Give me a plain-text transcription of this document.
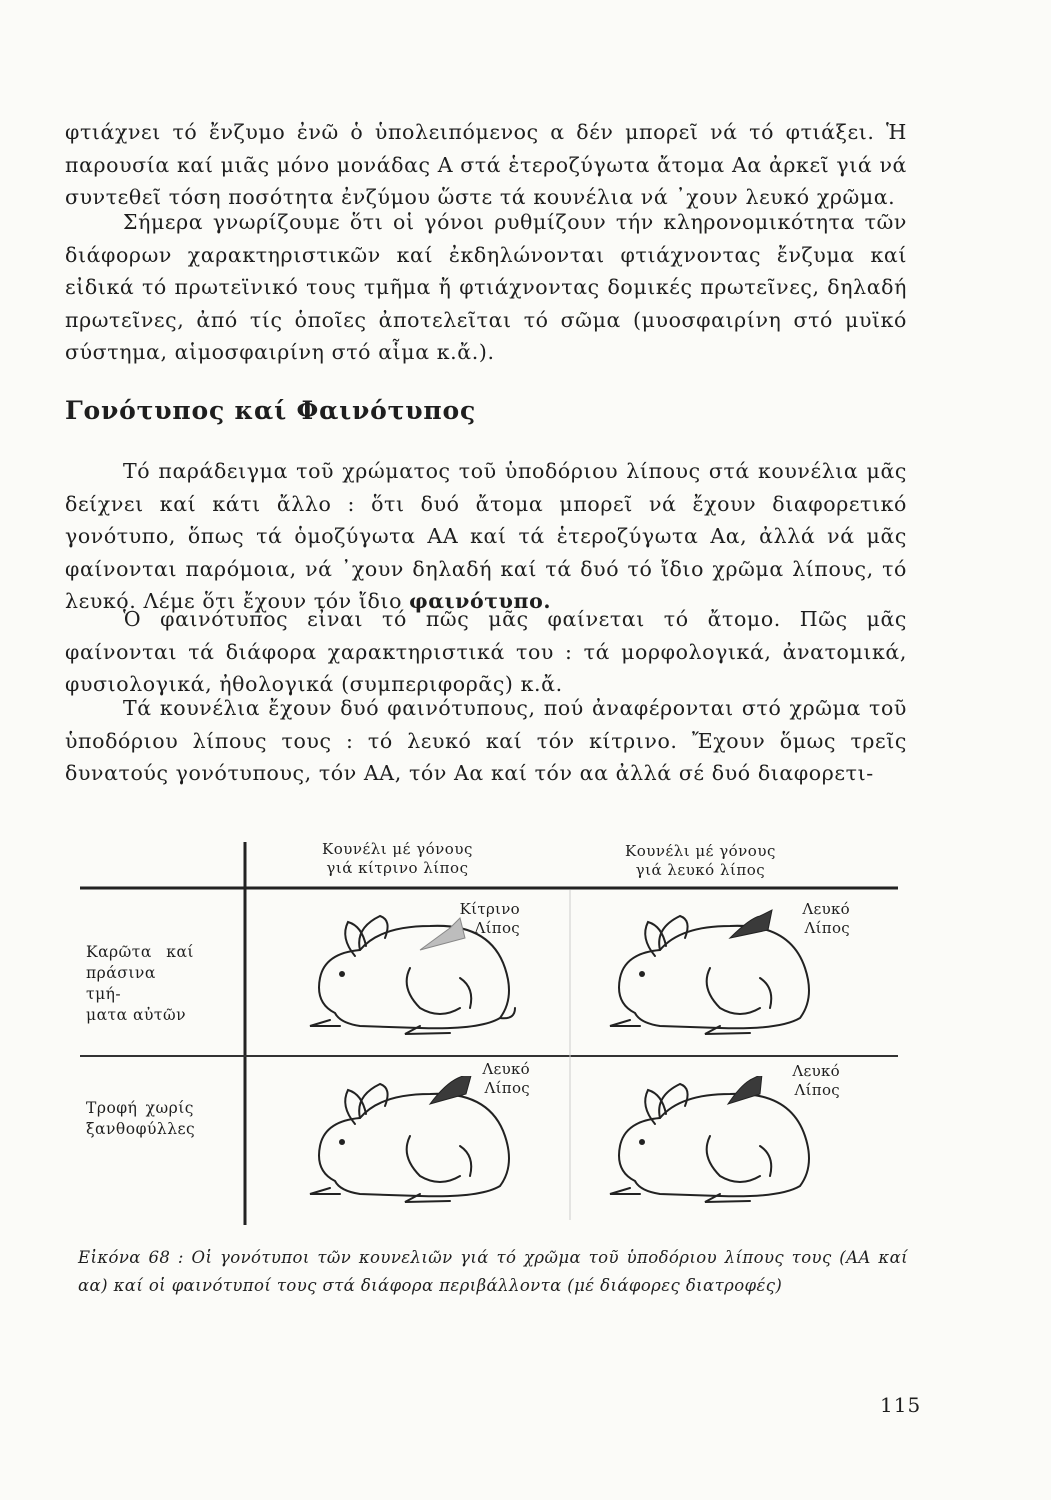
φτιάχνει τό ἔνζυμο ἐνῶ ὁ ὑπολειπόμενος α δέν μπορεῖ νά τό φτιάξει. Ἡ παρουσία καί μιᾶς μόνο μονάδας Α στά ἑτεροζύγωτα ἄτομα Αα ἀρκεῖ γιά νά συντεθεῖ τόση ποσότητα ἐνζύμου ὥστε τά κουνέλια νά ᾽χουν λευκό χρῶμα.
Σήμερα γνωρίζουμε ὅτι οἱ γόνοι ρυθμίζουν τήν κληρονομικότητα τῶν διάφορων χαρακτηριστικῶν καί ἐκδηλώνονται φτιάχνοντας ἔνζυμα καί εἰδικά τό πρωτεϊνικό τους τμῆμα ἤ φτιάχνοντας δομικές πρωτεῖνες, δηλαδή πρωτεῖνες, ἀπό τίς ὁποῖες ἀποτελεῖται τό σῶμα (μυοσφαιρίνη στό μυϊκό σύστημα, αἱμοσφαιρίνη στό αἷμα κ.ἄ.).
Γονότυπος καί Φαινότυπος
Τό παράδειγμα τοῦ χρώματος τοῦ ὑποδόριου λίπους στά κουνέλια μᾶς δείχνει καί κάτι ἄλλο : ὅτι δυό ἄτομα μπορεῖ νά ἔχουν διαφορετικό γονότυπο, ὅπως τά ὁμοζύγωτα ΑΑ καί τά ἑτεροζύγωτα Αα, ἀλλά νά μᾶς φαίνονται παρόμοια, νά ᾽χουν δηλαδή καί τά δυό τό ἴδιο χρῶμα λίπους, τό λευκό. Λέμε ὅτι ἔχουν τόν ἴδιο φαινότυπο.
Ὁ φαινότυπος εἶναι τό πῶς μᾶς φαίνεται τό ἄτομο. Πῶς μᾶς φαίνονται τά διάφορα χαρακτηριστικά του : τά μορφολογικά, ἀνατομικά, φυσιολογικά, ἠθολογικά (συμπεριφορᾶς) κ.ἄ.
Τά κουνέλια ἔχουν δυό φαινότυπους, πού ἀναφέρονται στό χρῶμα τοῦ ὑποδόριου λίπους τους : τό λευκό καί τόν κίτρινο. Ἔχουν ὅμως τρεῖς δυνατούς γονότυπους, τόν ΑΑ, τόν Αα καί τόν αα ἀλλά σέ δυό διαφορετι-
Κουνέλι μέ γόνους
γιά κίτρινο λίπος
Κουνέλι μέ γόνους
γιά λευκό λίπος
Καρῶτα καί
πράσινα τμή-
ματα αὐτῶν
Τροφή χωρίς
ξανθοφύλλες
Κίτρινο
Λίπος
Λευκό
Λίπος
Λευκό
Λίπος
Λευκό
Λίπος
Εἰκόνα 68 : Οἱ γονότυποι τῶν κουνελιῶν γιά τό χρῶμα τοῦ ὑποδόριου λίπους τους (ΑΑ καί αα) καί οἱ φαινότυποί τους στά διάφορα περιβάλλοντα (μέ διάφορες διατροφές)
115
